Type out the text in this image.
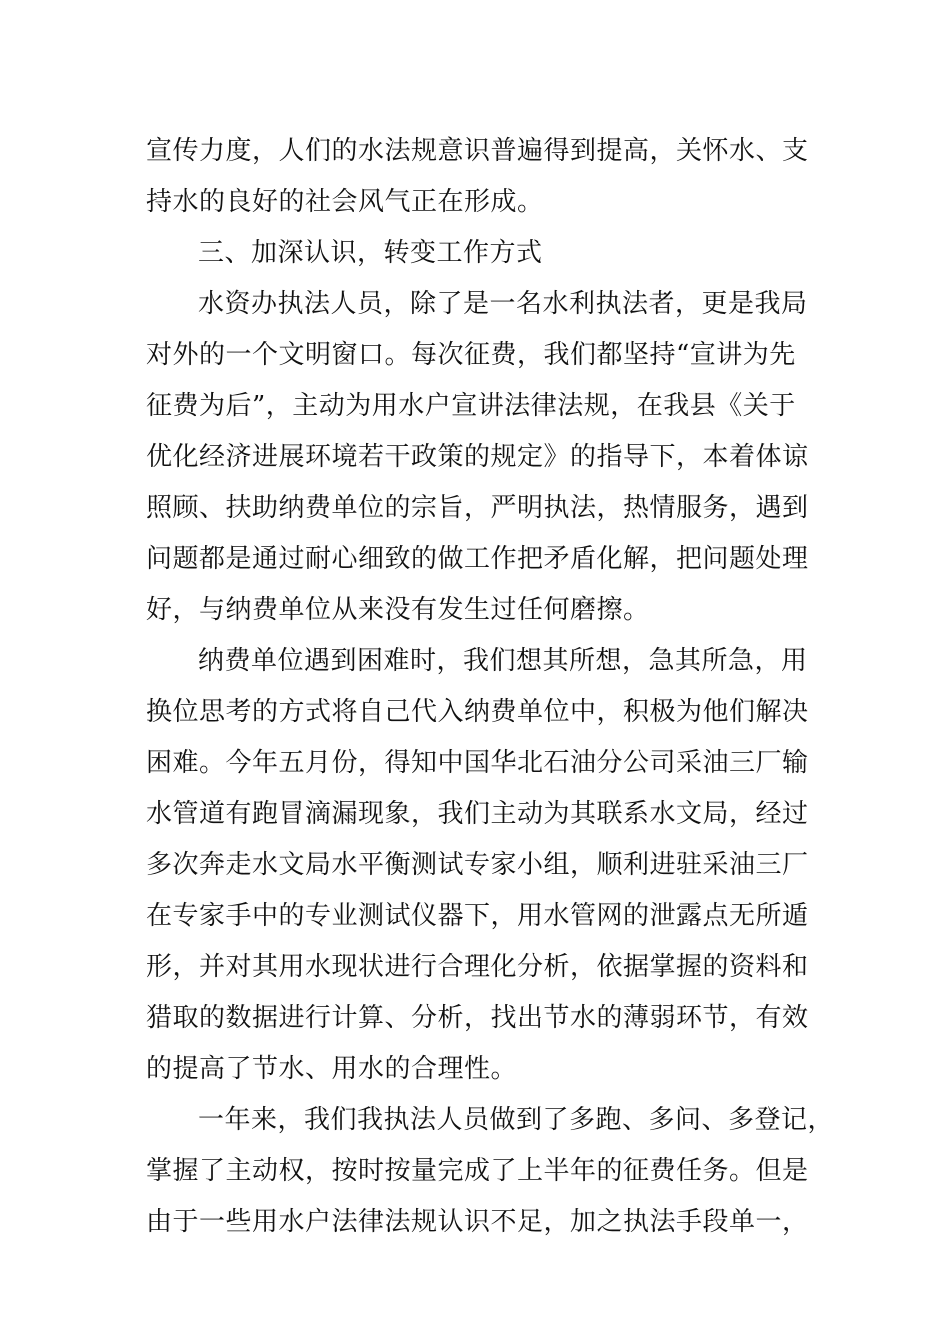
宣传力度，人们的水法规意识普遍得到提高，关怀水、支
持水的良好的社会风气正在形成。
三、加深认识，转变工作方式
水资办执法人员，除了是一名水利执法者，更是我局
对外的一个文明窗口。每次征费，我们都坚持“宣讲为先
征费为后”，主动为用水户宣讲法律法规，在我县《关于
优化经济进展环境若干政策的规定》的指导下，本着体谅
照顾、扶助纳费单位的宗旨，严明执法，热情服务，遇到
问题都是通过耐心细致的做工作把矛盾化解，把问题处理
好，与纳费单位从来没有发生过任何磨擦。
纳费单位遇到困难时，我们想其所想，急其所急，用
换位思考的方式将自己代入纳费单位中，积极为他们解决
困难。今年五月份，得知中国华北石油分公司采油三厂输
水管道有跑冒滴漏现象，我们主动为其联系水文局，经过
多次奔走水文局水平衡测试专家小组，顺利进驻采油三厂
在专家手中的专业测试仪器下，用水管网的泄露点无所遁
形，并对其用水现状进行合理化分析，依据掌握的资料和
猎取的数据进行计算、分析，找出节水的薄弱环节，有效
的提高了节水、用水的合理性。
一年来，我们我执法人员做到了多跑、多问、多登记，
掌握了主动权，按时按量完成了上半年的征费任务。但是
由于一些用水户法律法规认识不足，加之执法手段单一，
